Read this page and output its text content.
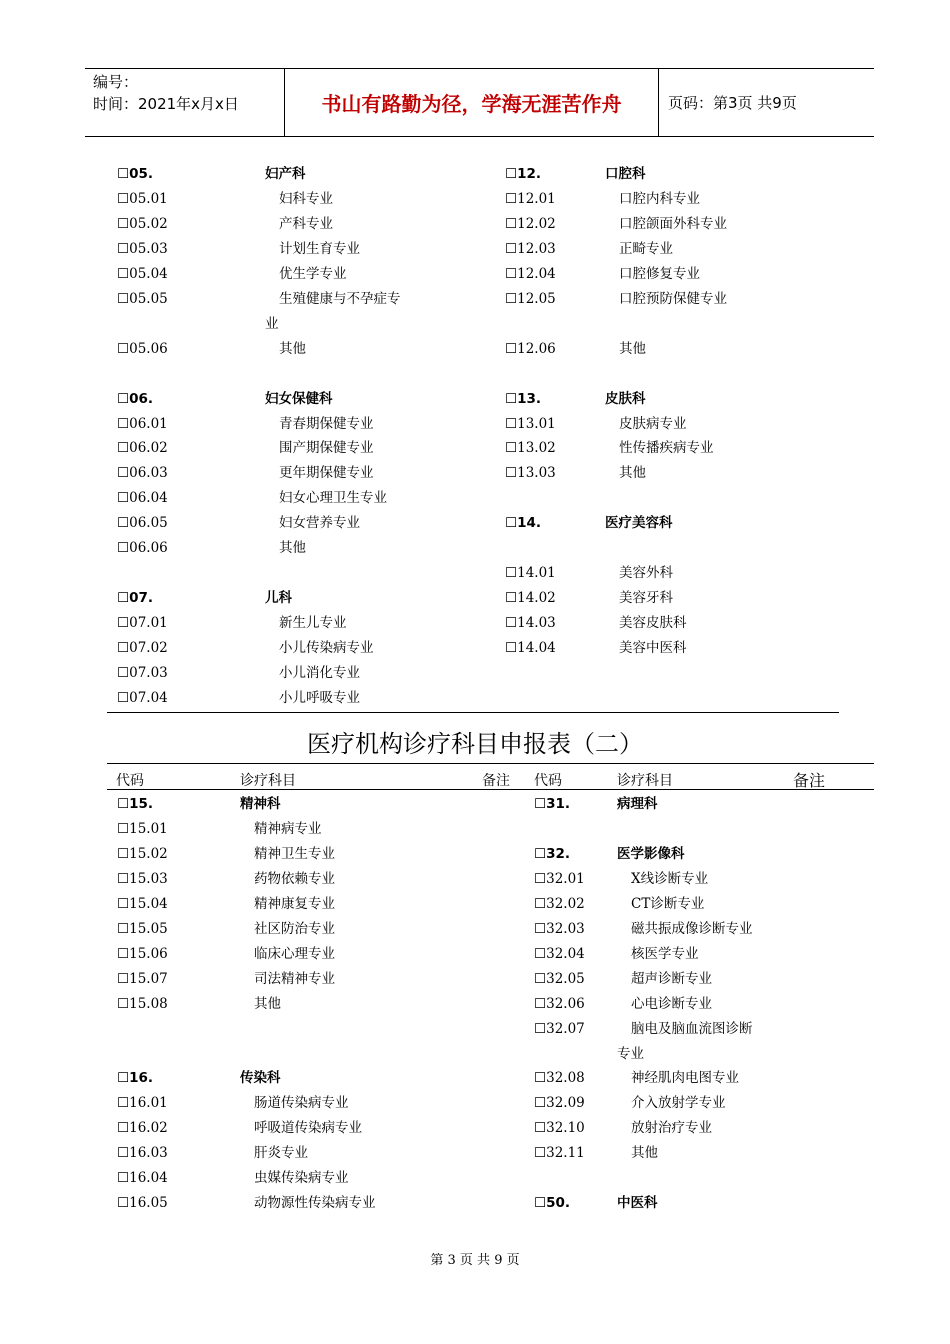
编号：
时间：2021年x月x日	书山有路勤为径，学海无涯苦作舟	页码：第3页 共9页
☐05.	妇产科
☐05.01	妇科专业
☐05.02	产科专业
☐05.03	计划生育专业
☐05.04	优生学专业
☐05.05	生殖健康与不孕症专
业
☐05.06	其他
☐06.	妇女保健科
☐06.01	青春期保健专业
☐06.02	围产期保健专业
☐06.03	更年期保健专业
☐06.04	妇女心理卫生专业
☐06.05	妇女营养专业
☐06.06	其他
☐07.	儿科
☐07.01	新生儿专业
☐07.02	小儿传染病专业
☐07.03	小儿消化专业
☐07.04	小儿呼吸专业
☐12.	口腔科
☐12.01	口腔内科专业
☐12.02	口腔颌面外科专业
☐12.03	正畸专业
☐12.04	口腔修复专业
☐12.05	口腔预防保健专业
☐12.06	其他
☐13.	皮肤科
☐13.01	皮肤病专业
☐13.02	性传播疾病专业
☐13.03	其他
☐14.	医疗美容科
☐14.01	美容外科
☐14.02	美容牙科
☐14.03	美容皮肤科
☐14.04	美容中医科
医疗机构诊疗科目申报表（二）
代码	诊疗科目	备注 代码	诊疗科目	备注
☐15.	精神科
☐15.01	精神病专业
☐15.02	精神卫生专业
☐15.03	药物依赖专业
☐15.04	精神康复专业
☐15.05	社区防治专业
☐15.06	临床心理专业
☐15.07	司法精神专业
☐15.08	其他
☐16.	传染科
☐16.01	肠道传染病专业
☐16.02	呼吸道传染病专业
☐16.03	肝炎专业
☐16.04	虫媒传染病专业
☐16.05	动物源性传染病专业
☐31.	病理科
☐32.	医学影像科
☐32.01	X线诊断专业
☐32.02	CT诊断专业
☐32.03	磁共振成像诊断专业
☐32.04	核医学专业
☐32.05	超声诊断专业
☐32.06	心电诊断专业
☐32.07	脑电及脑血流图诊断
专业
☐32.08	神经肌肉电图专业
☐32.09	介入放射学专业
☐32.10	放射治疗专业
☐32.11	其他
☐50.	中医科
第 3 页 共 9 页
